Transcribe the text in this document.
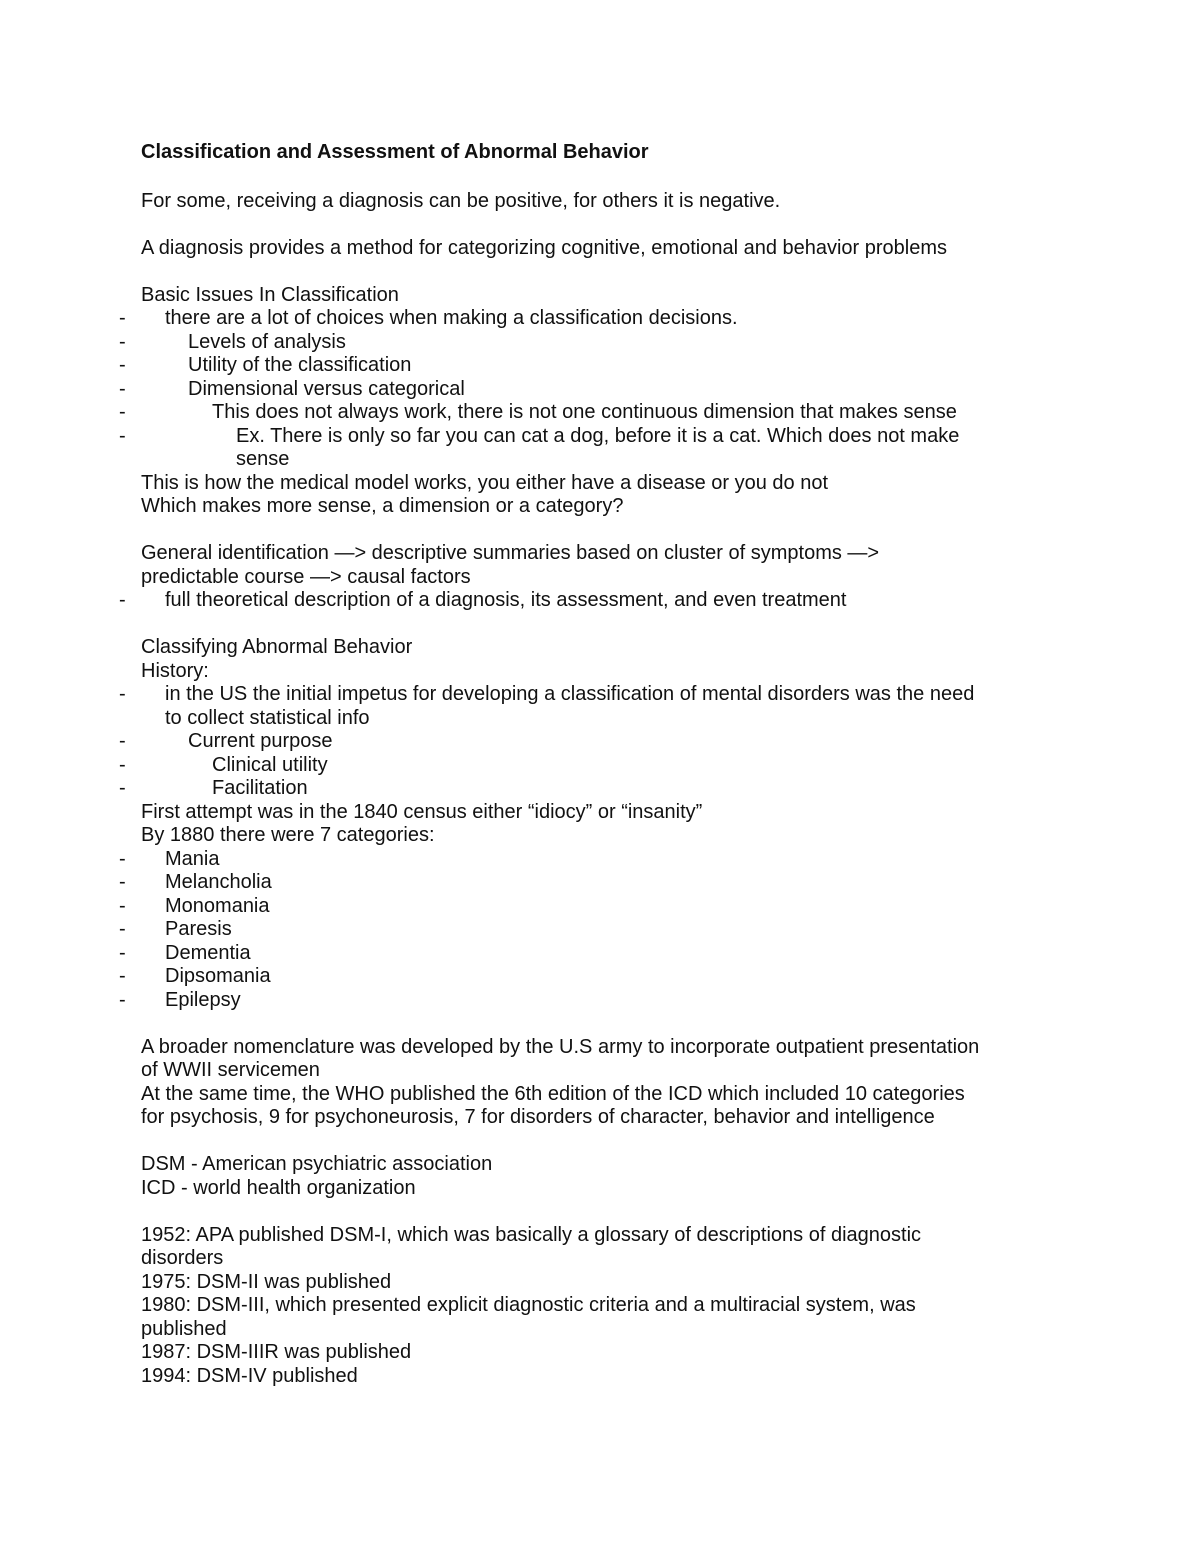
Classification and Assessment of Abnormal Behavior
For some, receiving a diagnosis can be positive, for others it is negative.
A diagnosis provides a method for categorizing cognitive, emotional and behavior problems
Basic Issues In Classification
- there are a lot of choices when making a classification decisions.
- Levels of analysis
- Utility of the classification
- Dimensional versus categorical
- This does not always work, there is not one continuous dimension that makes sense
- Ex. There is only so far you can cat a dog, before it is a cat. Which does not make
sense
This is how the medical model works, you either have a disease or you do not
Which makes more sense, a dimension or a category?
General identification —> descriptive summaries based on cluster of symptoms —>
predictable course —> causal factors
- full theoretical description of a diagnosis, its assessment, and even treatment
Classifying Abnormal Behavior
History:
- in the US the initial impetus for developing a classification of mental disorders was the need
to collect statistical info
- Current purpose
- Clinical utility
- Facilitation
First attempt was in the 1840 census either “idiocy” or “insanity”
By 1880 there were 7 categories:
- Mania
- Melancholia
- Monomania
- Paresis
- Dementia
- Dipsomania
- Epilepsy
A broader nomenclature was developed by the U.S army to incorporate outpatient presentation
of WWII servicemen
At the same time, the WHO published the 6th edition of the ICD which included 10 categories
for psychosis, 9 for psychoneurosis, 7 for disorders of character, behavior and intelligence
DSM - American psychiatric association
ICD - world health organization
1952: APA published DSM-I, which was basically a glossary of descriptions of diagnostic
disorders
1975: DSM-II was published
1980: DSM-III, which presented explicit diagnostic criteria and a multiracial system, was
published
1987: DSM-IIIR was published
1994: DSM-IV published
